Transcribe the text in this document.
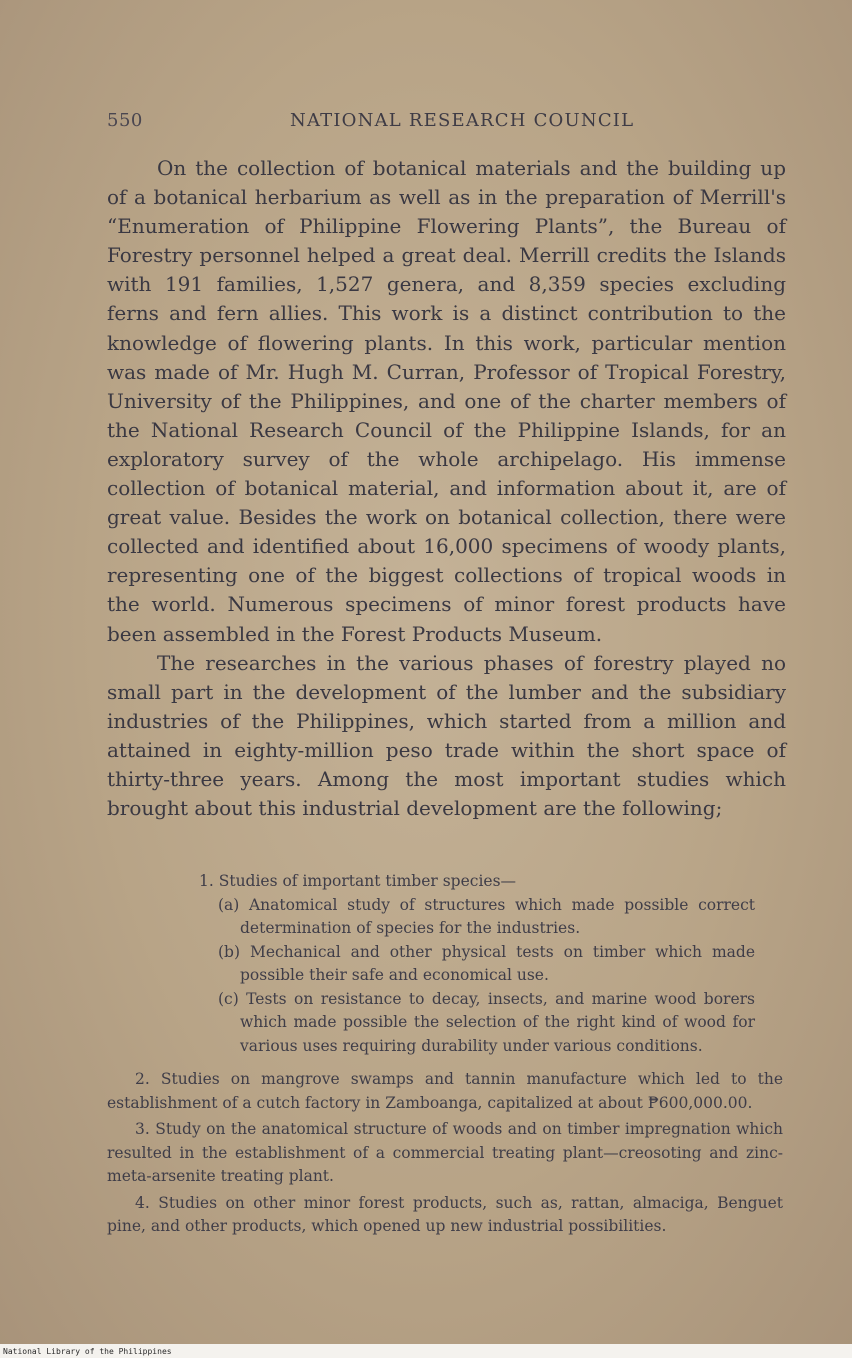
550	NATIONAL RESEARCH COUNCIL

On the collection of botanical materials and the building up of a botanical herbarium as well as in the preparation of Merrill's “Enumeration of Philippine Flowering Plants”, the Bureau of Forestry personnel helped a great deal. Merrill credits the Islands with 191 families, 1,527 genera, and 8,359 species excluding ferns and fern allies. This work is a distinct contribution to the knowledge of flowering plants. In this work, particular mention was made of Mr. Hugh M. Curran, Professor of Tropical Forestry, University of the Philippines, and one of the charter members of the National Research Council of the Philippine Islands, for an exploratory survey of the whole archipelago. His immense collection of botanical material, and information about it, are of great value. Besides the work on botanical collection, there were collected and identified about 16,000 specimens of woody plants, representing one of the biggest collections of tropical woods in the world. Numerous specimens of minor forest products have been assembled in the Forest Products Museum.

The researches in the various phases of forestry played no small part in the development of the lumber and the subsidiary industries of the Philippines, which started from a million and attained in eighty-million peso trade within the short space of thirty-three years. Among the most important studies which brought about this industrial development are the following;

1. Studies of important timber species—
(a) Anatomical study of structures which made possible correct determination of species for the industries.
(b) Mechanical and other physical tests on timber which made possible their safe and economical use.
(c) Tests on resistance to decay, insects, and marine wood borers which made possible the selection of the right kind of wood for various uses requiring durability under various conditions.
2. Studies on mangrove swamps and tannin manufacture which led to the establishment of a cutch factory in Zamboanga, capitalized at about ₱600,000.00.
3. Study on the anatomical structure of woods and on timber impregnation which resulted in the establishment of a commercial treating plant—creosoting and zinc-meta-arsenite treating plant.
4. Studies on other minor forest products, such as, rattan, almaciga, Benguet pine, and other products, which opened up new industrial possibilities.
National Library of the Philippines
